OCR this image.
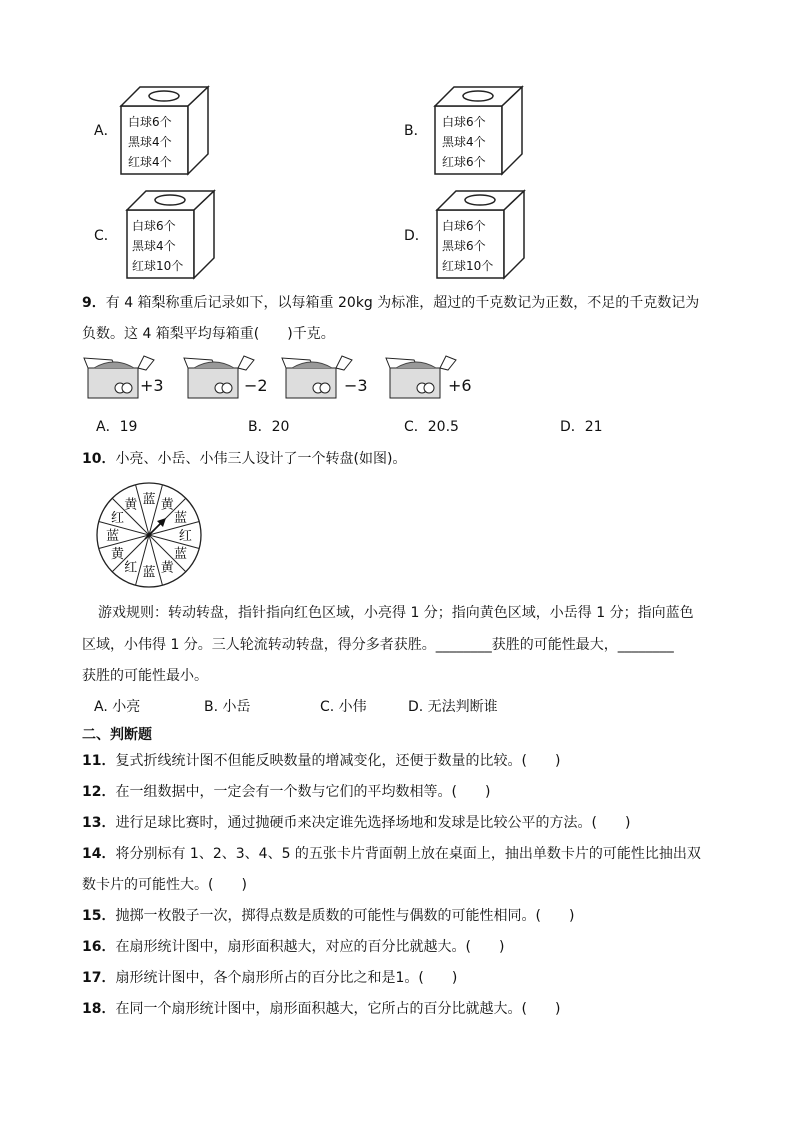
A．
白球6个
黑球4个
红球4个
B．
白球6个
黑球4个
红球6个
C．
白球6个
黑球4个
红球10个
D．
白球6个
黑球6个
红球10个
9．有 4 箱梨称重后记录如下，以每箱重 20kg 为标准，超过的千克数记为正数，不足的千克数记为
负数。这 4 箱梨平均每箱重(　　)千克。
+3	−2	−3	+6
A．19	B．20	C．20.5	D．21
10．小亮、小岳、小伟三人设计了一个转盘(如图)。
蓝 黄
蓝
红
蓝
黄
蓝
红
黄
蓝
红
黄
游戏规则：转动转盘，指针指向红色区域，小亮得 1 分；指向黄色区域，小岳得 1 分；指向蓝色
区域，小伟得 1 分。三人轮流转动转盘，得分多者获胜。________获胜的可能性最大，________
获胜的可能性最小。
A. 小亮	B. 小岳	C. 小伟	D. 无法判断谁
二、判断题
11．复式折线统计图不但能反映数量的增减变化，还便于数量的比较。(　　)
12．在一组数据中，一定会有一个数与它们的平均数相等。(　　)
13．进行足球比赛时，通过抛硬币来决定谁先选择场地和发球是比较公平的方法。(　　)
14．将分别标有 1、2、3、4、5 的五张卡片背面朝上放在桌面上，抽出单数卡片的可能性比抽出双
数卡片的可能性大。(　　)
15．抛掷一枚骰子一次，掷得点数是质数的可能性与偶数的可能性相同。(　　)
16．在扇形统计图中，扇形面积越大，对应的百分比就越大。(　　)
17．扇形统计图中，各个扇形所占的百分比之和是1。(　　)
18．在同一个扇形统计图中，扇形面积越大，它所占的百分比就越大。(　　)
